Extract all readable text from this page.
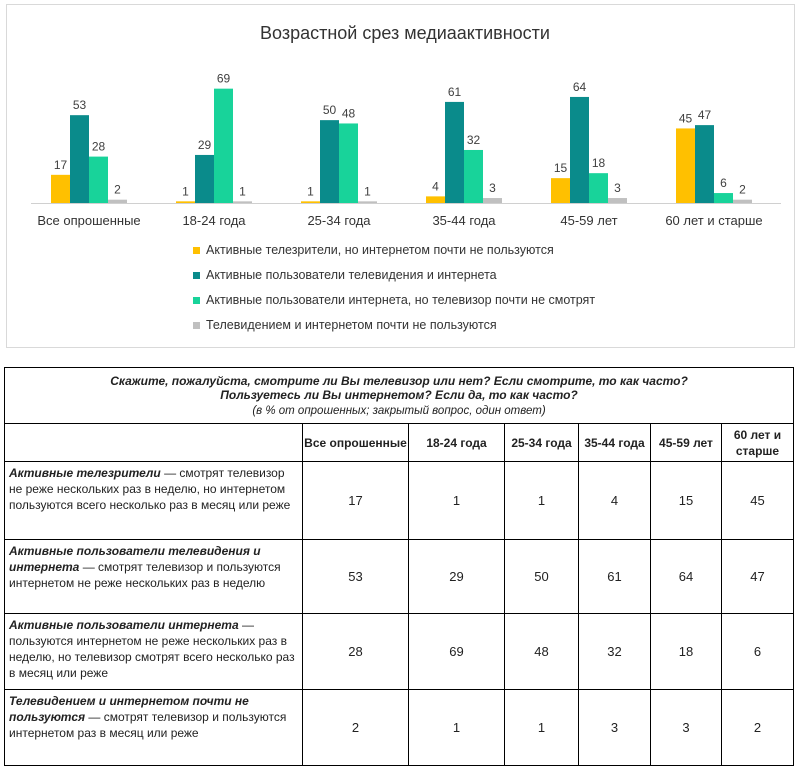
Возрастной срез медиаактивности
17
53
28
2
Все опрошенные
1
29
69
1
18-24 года
1
50 48
1
25-34 года
4
61
32
3
35-44 года
15
64
18
3
45-59 лет
45 47
6 2
60 лет и старше
Активные телезрители, но интернетом почти не пользуются
Активные пользователи телевидения и интернета
Активные пользователи интернета, но телевизор почти не смотрят
Телевидением и интернетом почти не пользуются
Скажите, пожалуйста, смотрите ли Вы телевизор или нет? Если смотрите, то как часто?
Пользуетесь ли Вы интернетом? Если да, то как часто?
(в % от опрошенных; закрытый вопрос, один ответ)						

	Все опрошенные	18-24 года	25-34 года	35-44 года	45-59 лет	60 лет и старше
Активные телезрители — смотрят телевизор не реже нескольких раз в неделю, но интернетом пользуются всего несколько раз в месяц или реже	17	1	1	4	15	45
Активные пользователи телевидения и интернета — смотрят телевизор и пользуются интернетом не реже нескольких раз в неделю	53	29	50	61	64	47
Активные пользователи интернета — пользуются интернетом не реже нескольких раз в неделю, но телевизор смотрят всего несколько раз в месяц или реже	28	69	48	32	18	6
Телевидением и интернетом почти не пользуются — смотрят телевизор и пользуются интернетом раз в месяц или реже	2	1	1	3	3	2
